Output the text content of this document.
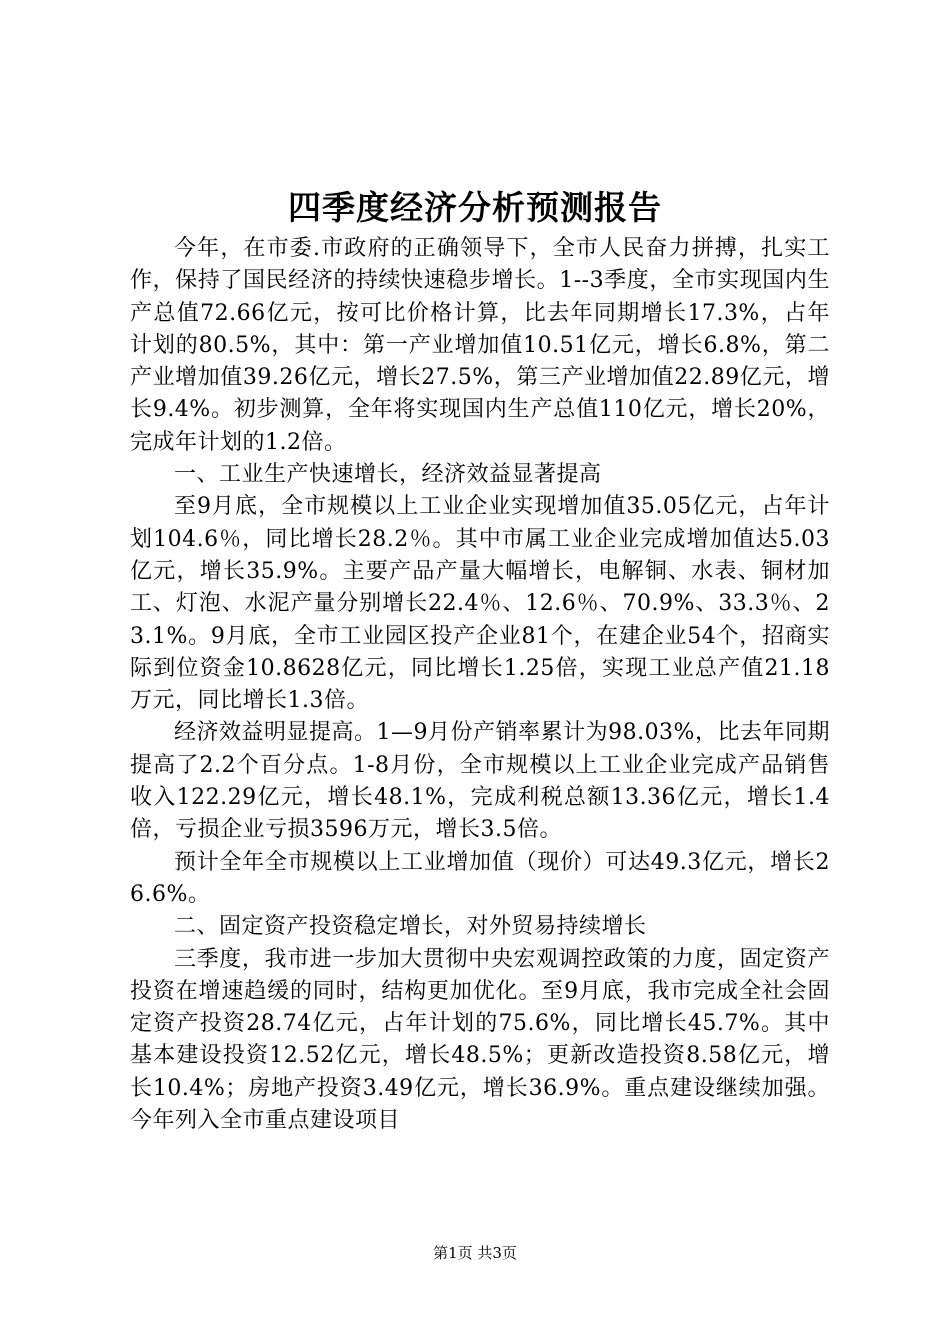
四季度经济分析预测报告

今年，在市委.市政府的正确领导下，全市人民奋力拼搏，扎实工作，保持了国民经济的持续快速稳步增长。1--3季度，全市实现国内生产总值72.66亿元，按可比价格计算，比去年同期增长17.3%，占年计划的80.5%，其中：第一产业增加值10.51亿元，增长6.8%，第二产业增加值39.26亿元，增长27.5%，第三产业增加值22.89亿元，增长9.4%。初步测算，全年将实现国内生产总值110亿元，增长20%，完成年计划的1.2倍。

一、工业生产快速增长，经济效益显著提高

至9月底，全市规模以上工业企业实现增加值35.05亿元，占年计划104.6％，同比增长28.2％。其中市属工业企业完成增加值达5.03亿元，增长35.9%。主要产品产量大幅增长，电解铜、水表、铜材加工、灯泡、水泥产量分别增长22.4％、12.6％、70.9%、33.3％、23.1%。9月底，全市工业园区投产企业81个，在建企业54个，招商实际到位资金10.8628亿元，同比增长1.25倍，实现工业总产值21.18万元，同比增长1.3倍。

经济效益明显提高。1—9月份产销率累计为98.03%，比去年同期提高了2.2个百分点。1-8月份，全市规模以上工业企业完成产品销售收入122.29亿元，增长48.1%，完成利税总额13.36亿元，增长1.4倍，亏损企业亏损3596万元，增长3.5倍。

预计全年全市规模以上工业增加值（现价）可达49.3亿元，增长26.6%。

二、固定资产投资稳定增长，对外贸易持续增长

三季度，我市进一步加大贯彻中央宏观调控政策的力度，固定资产投资在增速趋缓的同时，结构更加优化。至9月底，我市完成全社会固定资产投资28.74亿元，占年计划的75.6%，同比增长45.7%。其中基本建设投资12.52亿元，增长48.5%；更新改造投资8.58亿元，增长10.4%；房地产投资3.49亿元，增长36.9%。重点建设继续加强。今年列入全市重点建设项目

第1页 共3页
